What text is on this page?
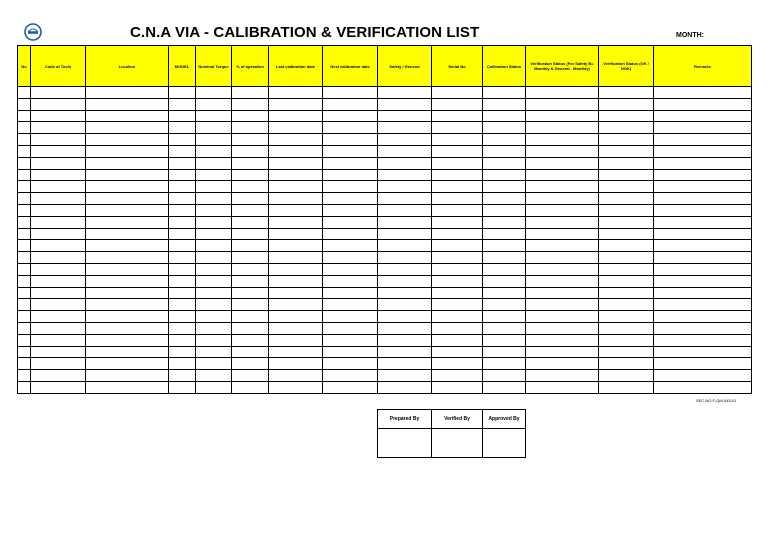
C.N.A VIA - CALIBRATION & VERIFICATION LIST	MONTH:
No	Code of Tools	Location	MODEL	Nominal Torque	% of operation	Last calibration date	Next calibration date	Safety / General	Serial No	Calibration Status	Verification Status (For Safety B= Monthly & General - Monthly)	Verification Status (OK / NOK)	Remarks

SEC.NO.F-QM-045-01
Prepared By	Verified By	Approved By
